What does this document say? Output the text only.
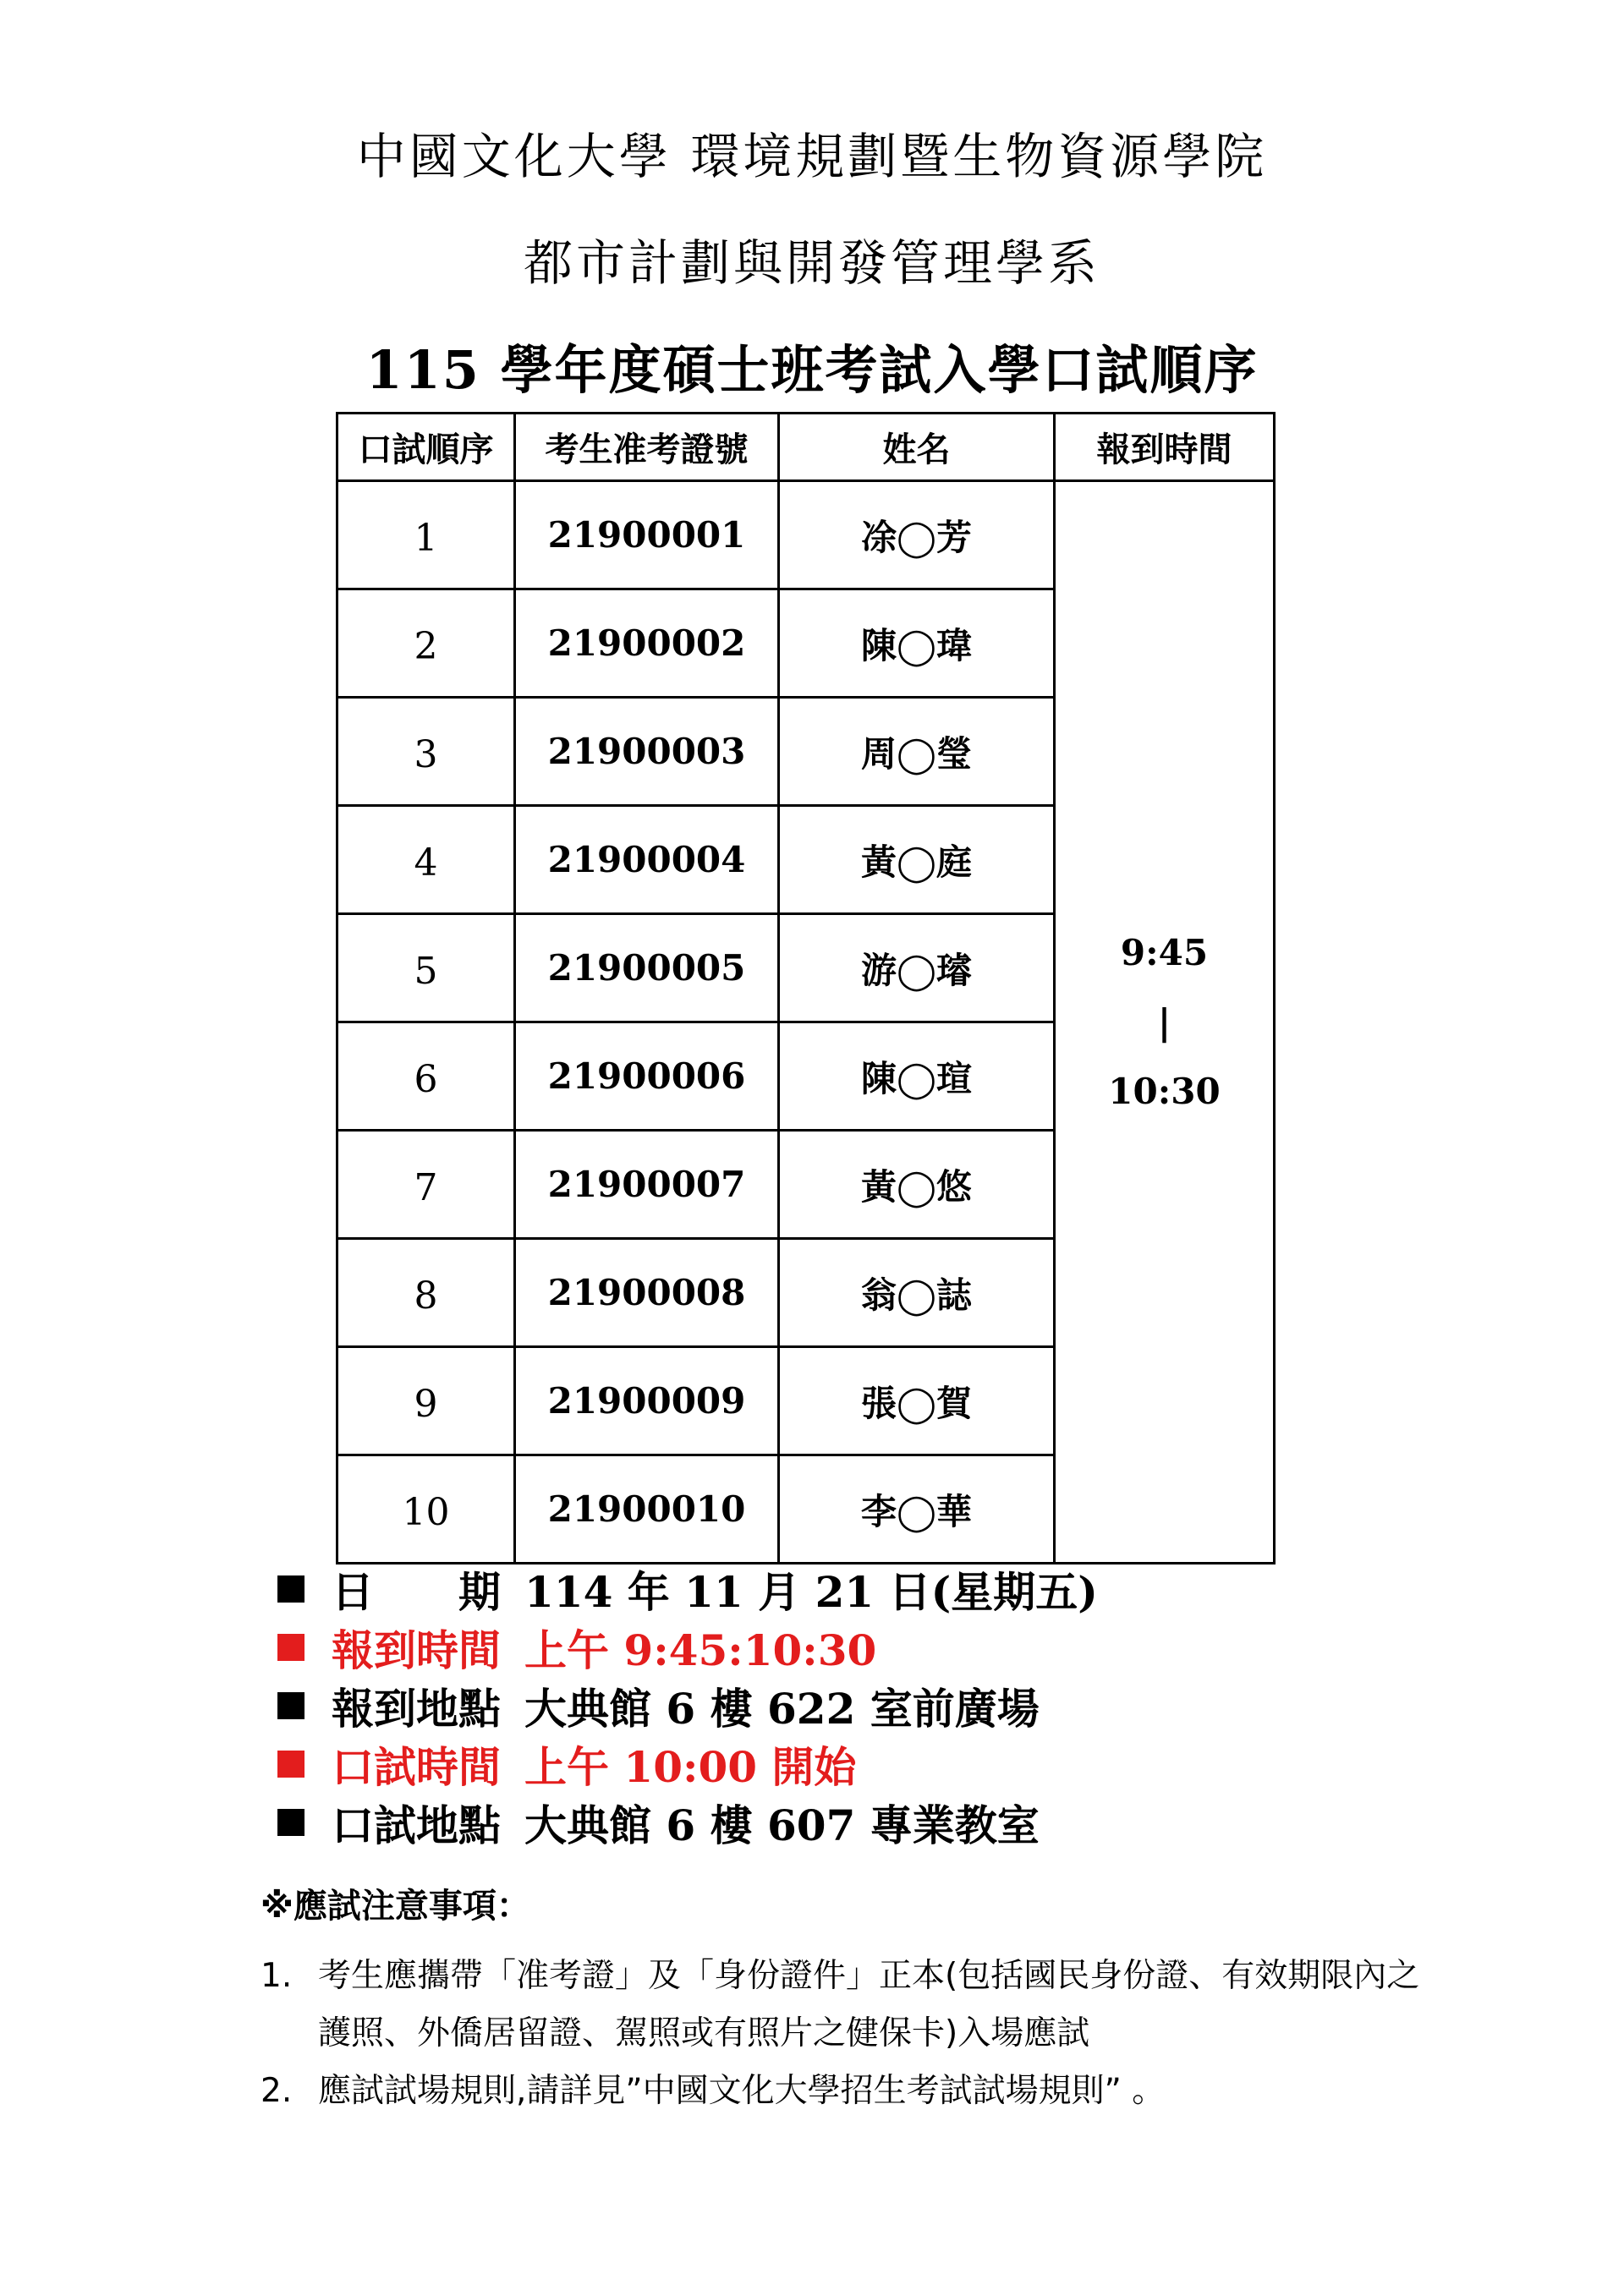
中國文化大學 環境規劃暨生物資源學院
都市計劃與開發管理學系
115 學年度碩士班考試入學口試順序
口試順序	考生准考證號	姓名	報到時間
1	21900001	凃◯芳	9:45
|
10:30

2	21900002	陳◯瑋	
3	21900003	周◯瑩	
4	21900004	黃◯庭	
5	21900005	游◯璿	
6	21900006	陳◯瑄	
7	21900007	黃◯悠	
8	21900008	翁◯誌	
9	21900009	張◯賀	
10	21900010	李◯華	
日 期 114 年 11 月 21 日(星期五)
報到時間 上午 9:45:10:30
報到地點 大典館 6 樓 622 室前廣場
口試時間 上午 10:00 開始
口試地點 大典館 6 樓 607 專業教室
※應試注意事項：
1. 考生應攜帶「准考證」及「身份證件」正本(包括國民身份證、有效期限內之
護照、外僑居留證、駕照或有照片之健保卡)入場應試
2. 應試試場規則,請詳見”中國文化大學招生考試試場規則” 。
